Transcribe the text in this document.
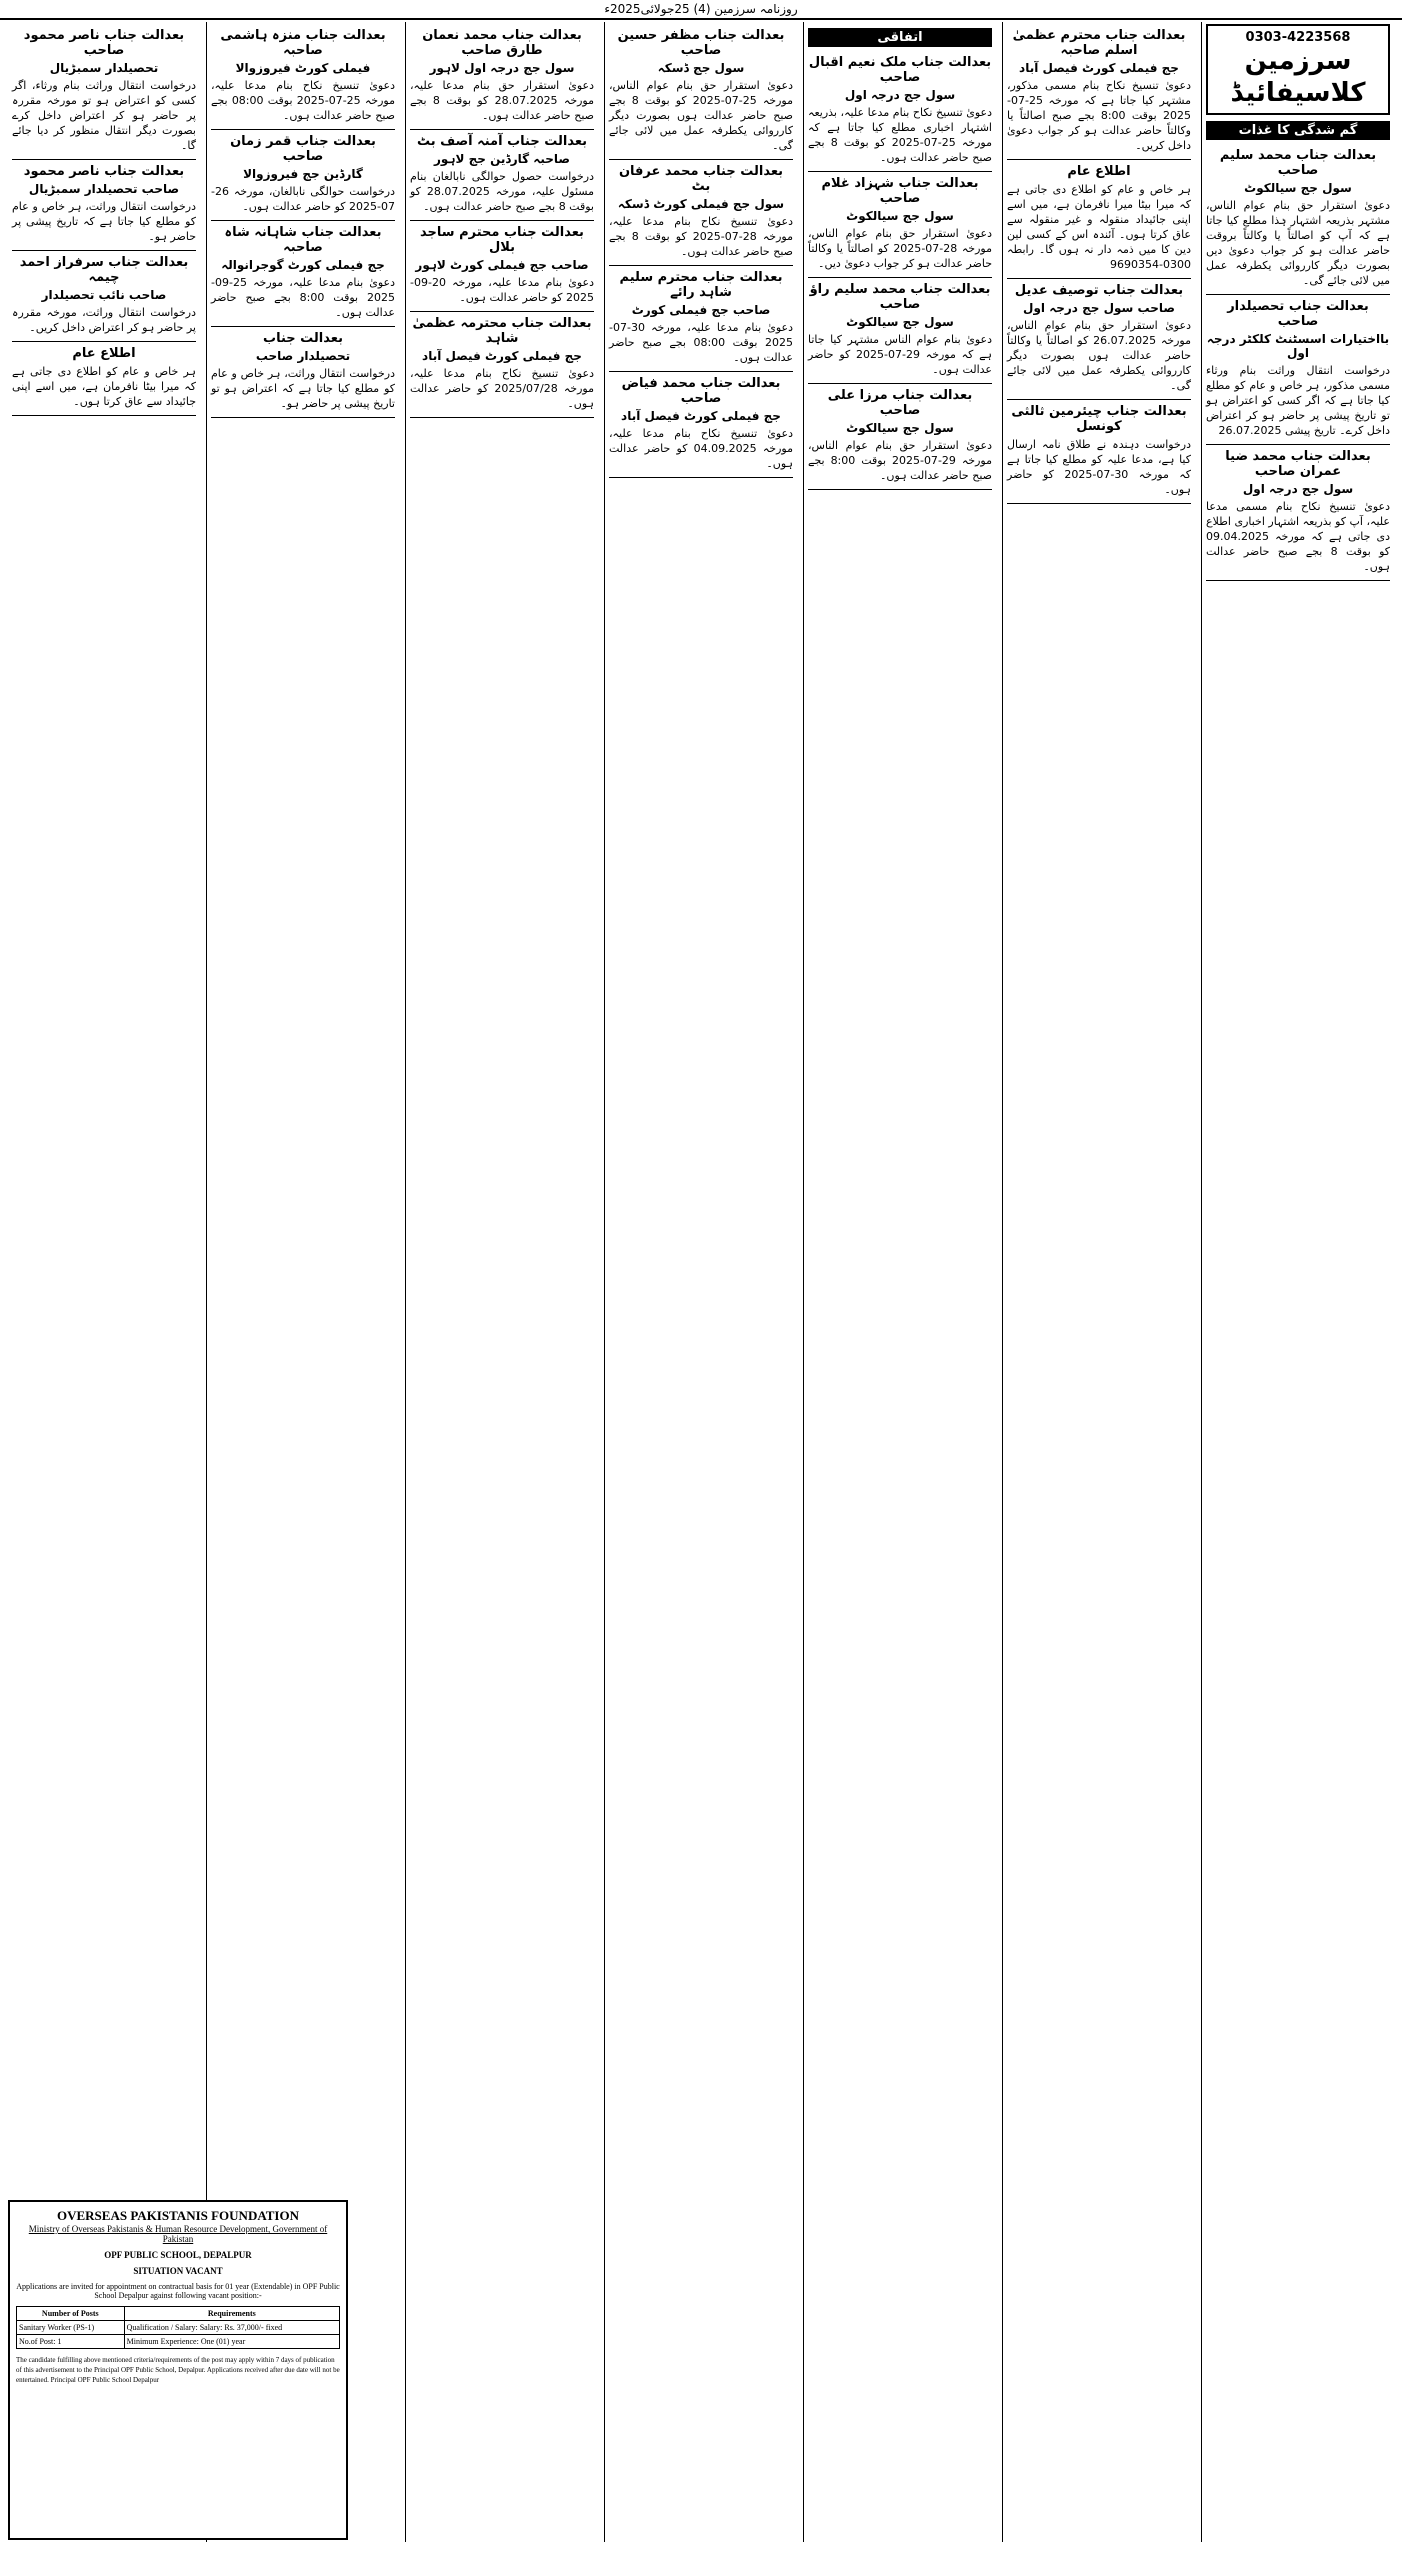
روزنامہ سرزمین (4) 25جولائی2025ء
0303-4223568
سرزمین کلاسیفائیڈ
گم شدگی کا غذات
بعدالت جناب محمد سلیم صاحب
سول جج سیالکوٹ

دعویٰ استقرار حق بنام عوام الناس، مشتہر بذریعہ اشتہار ہٰذا مطلع کیا جاتا ہے کہ آپ کو اصالتاً یا وکالتاً بروقت حاضر عدالت ہو کر جواب دعویٰ دیں بصورت دیگر کارروائی یکطرفہ عمل میں لائی جائے گی۔

بعدالت جناب تحصیلدار صاحب
بااختیارات اسسٹنٹ کلکٹر درجہ اول

درخواست انتقال وراثت بنام ورثاء مسمی مذکور، ہر خاص و عام کو مطلع کیا جاتا ہے کہ اگر کسی کو اعتراض ہو تو تاریخ پیشی پر حاضر ہو کر اعتراض داخل کرے۔ تاریخ پیشی 26.07.2025

بعدالت جناب محمد ضیا عمران صاحب
سول جج درجہ اول

دعویٰ تنسیخ نکاح بنام مسمی مدعا علیہ، آپ کو بذریعہ اشتہار اخباری اطلاع دی جاتی ہے کہ مورخہ 09.04.2025 کو بوقت 8 بجے صبح حاضر عدالت ہوں۔

بعدالت جناب محترم عظمیٰ اسلم صاحبہ
جج فیملی کورٹ فیصل آباد

دعویٰ تنسیخ نکاح بنام مسمی مذکور، مشتہر کیا جاتا ہے کہ مورخہ 25-07-2025 بوقت 8:00 بجے صبح اصالتاً یا وکالتاً حاضر عدالت ہو کر جواب دعویٰ داخل کریں۔

اطلاع عام

ہر خاص و عام کو اطلاع دی جاتی ہے کہ میرا بیٹا میرا نافرمان ہے، میں اسے اپنی جائیداد منقولہ و غیر منقولہ سے عاق کرتا ہوں۔ آئندہ اس کے کسی لین دین کا میں ذمہ دار نہ ہوں گا۔ رابطہ 0300-9690354

بعدالت جناب توصیف عدیل
صاحب سول جج درجہ اول

دعویٰ استقرار حق بنام عوام الناس، مورخہ 26.07.2025 کو اصالتاً یا وکالتاً حاضر عدالت ہوں بصورت دیگر کارروائی یکطرفہ عمل میں لائی جائے گی۔

بعدالت جناب چیئرمین ثالثی کونسل

درخواست دہندہ نے طلاق نامہ ارسال کیا ہے، مدعا علیہ کو مطلع کیا جاتا ہے کہ مورخہ 30-07-2025 کو حاضر ہوں۔

اتفاقی
بعدالت جناب ملک نعیم اقبال صاحب
سول جج درجہ اول

دعویٰ تنسیخ نکاح بنام مدعا علیہ، بذریعہ اشتہار اخباری مطلع کیا جاتا ہے کہ مورخہ 25-07-2025 کو بوقت 8 بجے صبح حاضر عدالت ہوں۔

بعدالت جناب شہزاد غلام صاحب
سول جج سیالکوٹ

دعویٰ استقرار حق بنام عوام الناس، مورخہ 28-07-2025 کو اصالتاً یا وکالتاً حاضر عدالت ہو کر جواب دعویٰ دیں۔

بعدالت جناب محمد سلیم راؤ صاحب
سول جج سیالکوٹ

دعویٰ بنام عوام الناس مشتہر کیا جاتا ہے کہ مورخہ 29-07-2025 کو حاضر عدالت ہوں۔

بعدالت جناب مرزا علی صاحب
سول جج سیالکوٹ

دعویٰ استقرار حق بنام عوام الناس، مورخہ 29-07-2025 بوقت 8:00 بجے صبح حاضر عدالت ہوں۔

بعدالت جناب مظفر حسین صاحب
سول جج ڈسکہ

دعویٰ استقرار حق بنام عوام الناس، مورخہ 25-07-2025 کو بوقت 8 بجے صبح حاضر عدالت ہوں بصورت دیگر کارروائی یکطرفہ عمل میں لائی جائے گی۔

بعدالت جناب محمد عرفان بٹ
سول جج فیملی کورٹ ڈسکہ

دعویٰ تنسیخ نکاح بنام مدعا علیہ، مورخہ 28-07-2025 کو بوقت 8 بجے صبح حاضر عدالت ہوں۔

بعدالت جناب محترم سلیم شاہد رائے
صاحب جج فیملی کورٹ

دعویٰ بنام مدعا علیہ، مورخہ 30-07-2025 بوقت 08:00 بجے صبح حاضر عدالت ہوں۔

بعدالت جناب محمد فیاض صاحب
جج فیملی کورٹ فیصل آباد

دعویٰ تنسیخ نکاح بنام مدعا علیہ، مورخہ 04.09.2025 کو حاضر عدالت ہوں۔

بعدالت جناب محمد نعمان طارق صاحب
سول جج درجہ اول لاہور

دعویٰ استقرار حق بنام مدعا علیہ، مورخہ 28.07.2025 کو بوقت 8 بجے صبح حاضر عدالت ہوں۔

بعدالت جناب آمنہ آصف بٹ
صاحبہ گارڈین جج لاہور

درخواست حصول حوالگی نابالغان بنام مسئول علیہ، مورخہ 28.07.2025 کو بوقت 8 بجے صبح حاضر عدالت ہوں۔

بعدالت جناب محترم ساجد بلال
صاحب جج فیملی کورٹ لاہور

دعویٰ بنام مدعا علیہ، مورخہ 20-09-2025 کو حاضر عدالت ہوں۔

بعدالت جناب محترمہ عظمیٰ شاہد
جج فیملی کورٹ فیصل آباد

دعویٰ تنسیخ نکاح بنام مدعا علیہ، مورخہ 2025/07/28 کو حاضر عدالت ہوں۔

بعدالت جناب منزہ ہاشمی صاحبہ
فیملی کورٹ فیروزوالا

دعویٰ تنسیخ نکاح بنام مدعا علیہ، مورخہ 25-07-2025 بوقت 08:00 بجے صبح حاضر عدالت ہوں۔

بعدالت جناب قمر زمان صاحب
گارڈین جج فیروزوالا

درخواست حوالگی نابالغان، مورخہ 26-07-2025 کو حاضر عدالت ہوں۔

بعدالت جناب شاہانہ شاہ صاحبہ
جج فیملی کورٹ گوجرانوالہ

دعویٰ بنام مدعا علیہ، مورخہ 25-09-2025 بوقت 8:00 بجے صبح حاضر عدالت ہوں۔

بعدالت جناب
تحصیلدار صاحب

درخواست انتقال وراثت، ہر خاص و عام کو مطلع کیا جاتا ہے کہ اعتراض ہو تو تاریخ پیشی پر حاضر ہو۔

بعدالت جناب ناصر محمود صاحب
تحصیلدار سمبڑیال

درخواست انتقال وراثت بنام ورثاء، اگر کسی کو اعتراض ہو تو مورخہ مقررہ پر حاضر ہو کر اعتراض داخل کرے بصورت دیگر انتقال منظور کر دیا جائے گا۔

بعدالت جناب ناصر محمود
صاحب تحصیلدار سمبڑیال

درخواست انتقال وراثت، ہر خاص و عام کو مطلع کیا جاتا ہے کہ تاریخ پیشی پر حاضر ہو۔

بعدالت جناب سرفراز احمد چیمہ
صاحب نائب تحصیلدار

درخواست انتقال وراثت، مورخہ مقررہ پر حاضر ہو کر اعتراض داخل کریں۔

اطلاع عام

ہر خاص و عام کو اطلاع دی جاتی ہے کہ میرا بیٹا نافرمان ہے، میں اسے اپنی جائیداد سے عاق کرتا ہوں۔

OVERSEAS PAKISTANIS FOUNDATION
Ministry of Overseas Pakistanis & Human Resource Development, Government of Pakistan
OPF PUBLIC SCHOOL, DEPALPUR
SITUATION VACANT
Applications are invited for appointment on contractual basis for 01 year (Extendable) in OPF Public School Depalpur against following vacant position:-
Number of Posts	Requirements
Sanitary Worker (PS-1)	Qualification / Salary: Salary: Rs. 37,000/- fixed
No.of Post: 1	Minimum Experience: One (01) year
The candidate fulfilling above mentioned criteria/requirements of the post may apply within 7 days of publication of this advertisement to the Principal OPF Public School, Depalpur. Applications received after due date will not be entertained. Principal OPF Public School Depalpur
